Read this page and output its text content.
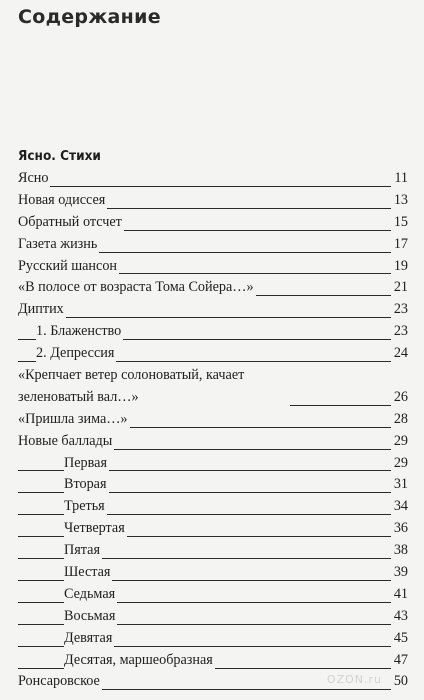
Содержание
Ясно. Стихи
Ясно	11
Новая одиссея	13
Обратный отсчет	15
Газета жизнь	17
Русский шансон	19
«В полосе от возраста Тома Сойера…»	21
Диптих	23
1. Блаженство	23
2. Депрессия	24
«Крепчает ветер солоноватый, качает зеленоватый вал…»	26
«Пришла зима…»	28
Новые баллады	29
Первая	29
Вторая	31
Третья	34
Четвертая	36
Пятая	38
Шестая	39
Седьмая	41
Восьмая	43
Девятая	45
Десятая, маршеобразная	47
Ронсаровское	50
OZON.ru
